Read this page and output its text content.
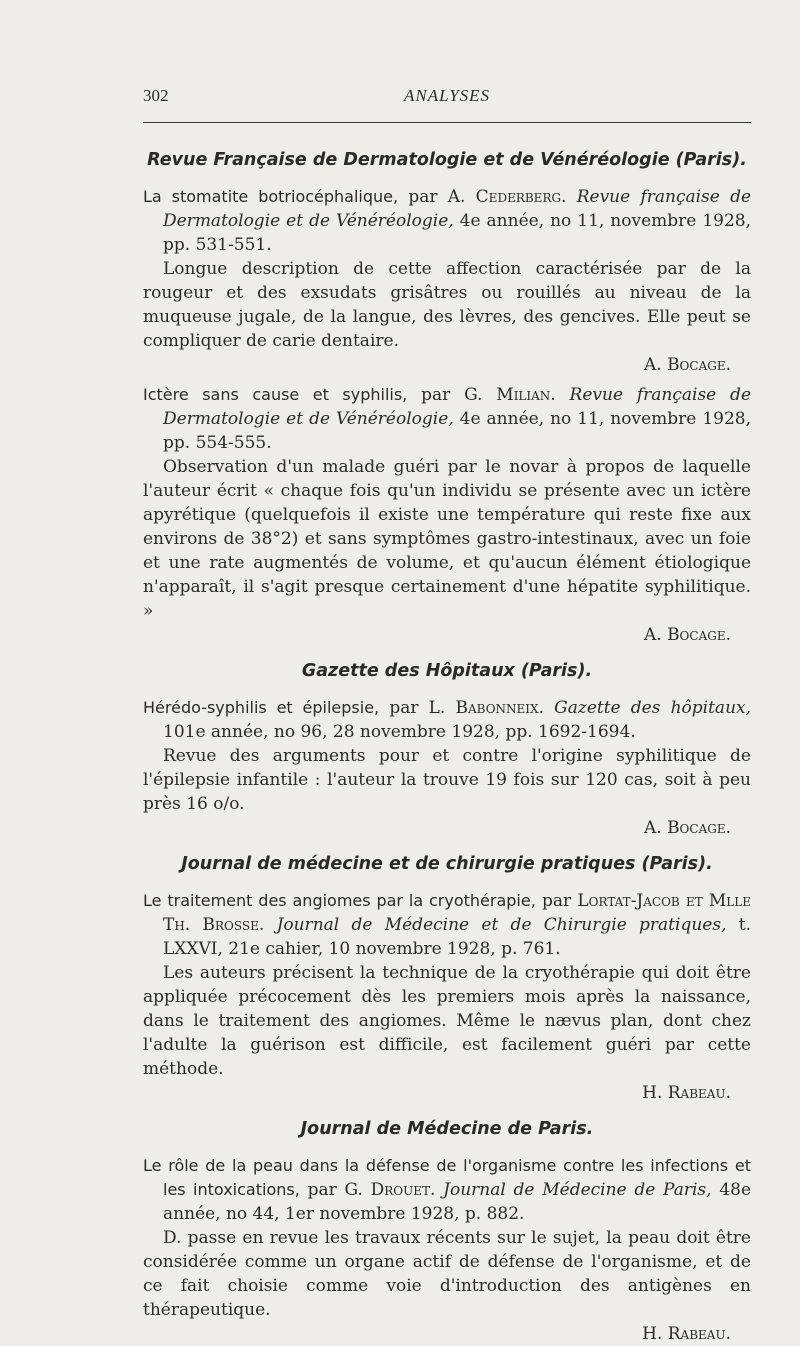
302	ANALYSES
Revue Française de Dermatologie et de Vénéréologie (Paris).

La stomatite botriocéphalique, par A. Cederberg. Revue française de Dermatologie et de Vénéréologie, 4e année, no 11, novembre 1928, pp. 531-551.

Longue description de cette affection caractérisée par de la rougeur et des exsudats grisâtres ou rouillés au niveau de la muqueuse jugale, de la langue, des lèvres, des gencives. Elle peut se compliquer de carie dentaire.

A. Bocage.

Ictère sans cause et syphilis, par G. Milian. Revue française de Dermatologie et de Vénéréologie, 4e année, no 11, novembre 1928, pp. 554-555.

Observation d'un malade guéri par le novar à propos de laquelle l'auteur écrit « chaque fois qu'un individu se présente avec un ictère apyrétique (quelquefois il existe une température qui reste fixe aux environs de 38°2) et sans symptômes gastro-intestinaux, avec un foie et une rate augmentés de volume, et qu'aucun élément étiologique n'apparaît, il s'agit presque certainement d'une hépatite syphilitique. »

A. Bocage.
Gazette des Hôpitaux (Paris).

Hérédo-syphilis et épilepsie, par L. Babonneix. Gazette des hôpitaux, 101e année, no 96, 28 novembre 1928, pp. 1692-1694.

Revue des arguments pour et contre l'origine syphilitique de l'épilepsie infantile : l'auteur la trouve 19 fois sur 120 cas, soit à peu près 16 o/o.

A. Bocage.
Journal de médecine et de chirurgie pratiques (Paris).

Le traitement des angiomes par la cryothérapie, par Lortat-Jacob et Mlle Th. Brosse. Journal de Médecine et de Chirurgie pratiques, t. LXXVI, 21e cahier, 10 novembre 1928, p. 761.

Les auteurs précisent la technique de la cryothérapie qui doit être appliquée précocement dès les premiers mois après la naissance, dans le traitement des angiomes. Même le nævus plan, dont chez l'adulte la guérison est difficile, est facilement guéri par cette méthode.

H. Rabeau.
Journal de Médecine de Paris.

Le rôle de la peau dans la défense de l'organisme contre les infections et les intoxications, par G. Drouet. Journal de Médecine de Paris, 48e année, no 44, 1er novembre 1928, p. 882.

D. passe en revue les travaux récents sur le sujet, la peau doit être considérée comme un organe actif de défense de l'organisme, et de ce fait choisie comme voie d'introduction des antigènes en thérapeutique.

H. Rabeau.
